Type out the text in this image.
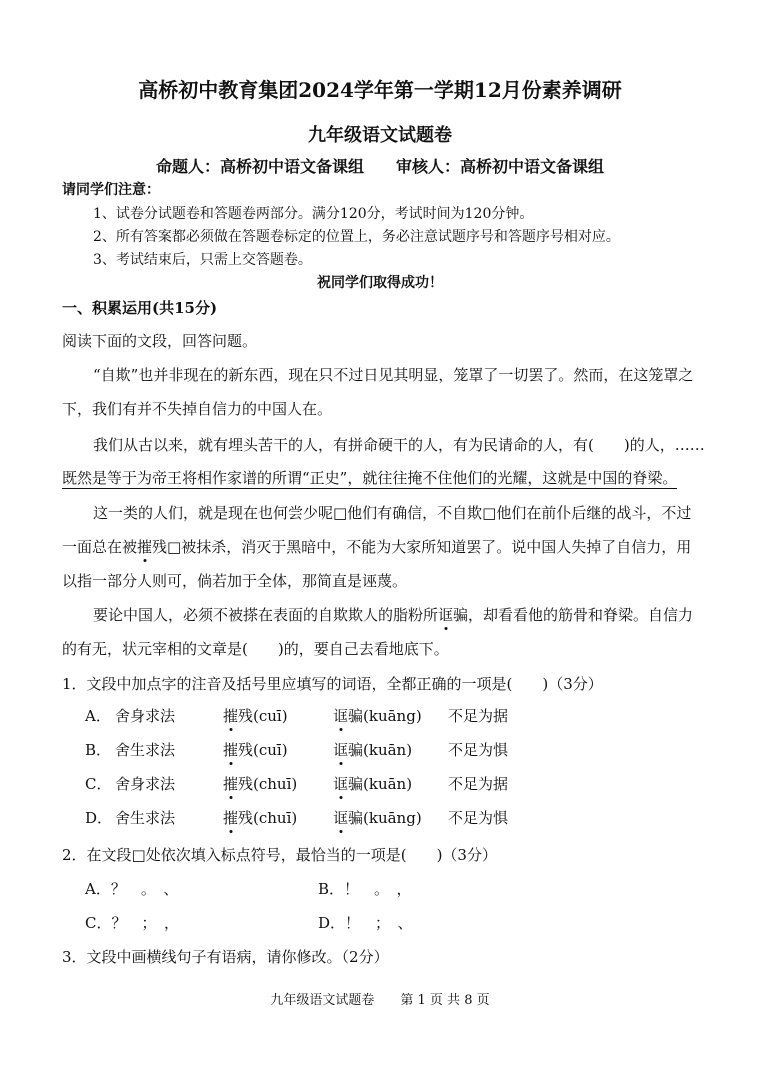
高桥初中教育集团2024学年第一学期12月份素养调研
九年级语文试题卷
命题人：高桥初中语文备课组　　审核人：高桥初中语文备课组
请同学们注意：
1、试卷分试题卷和答题卷两部分。满分120分，考试时间为120分钟。
2、所有答案都必须做在答题卷标定的位置上，务必注意试题序号和答题序号相对应。
3、考试结束后，只需上交答题卷。
祝同学们取得成功！
一、积累运用(共15分)
阅读下面的文段，回答问题。
“自欺”也并非现在的新东西，现在只不过日见其明显，笼罩了一切罢了。然而，在这笼罩之
下，我们有并不失掉自信力的中国人在。
我们从古以来，就有埋头苦干的人，有拼命硬干的人，有为民请命的人，有(　　)的人，……
既然是等于为帝王将相作家谱的所谓“正史”，就往往掩不住他们的光耀，这就是中国的脊梁。
这一类的人们，就是现在也何尝少呢□他们有确信，不自欺□他们在前仆后继的战斗，不过
一面总在被摧残□被抹杀，消灭于黑暗中，不能为大家所知道罢了。说中国人失掉了自信力，用
以指一部分人则可，倘若加于全体，那简直是诬蔑。
要论中国人，必须不被搽在表面的自欺欺人的脂粉所诓骗，却看看他的筋骨和脊梁。自信力
的有无，状元宰相的文章是(　　)的，要自己去看地底下。
1．文段中加点字的注音及括号里应填写的词语，全都正确的一项是(　　)（3分）
A． 舍身求法	摧残(cuī)	诓骗(kuāng) 不足为据
B． 舍生求法	摧残(cuī)	诓骗(kuān) 不足为惧
C． 舍身求法	摧残(chuī) 诓骗(kuān) 不足为据
D． 舍生求法	摧残(chuī) 诓骗(kuāng) 不足为惧
2．在文段□处依次填入标点符号，最恰当的一项是(　　)（3分）
A．？　。　、	B．！　。　，
C．？　；　，	D．！　；　、
3．文段中画横线句子有语病，请你修改。（2分）
九年级语文试题卷　　第 1 页 共 8 页
